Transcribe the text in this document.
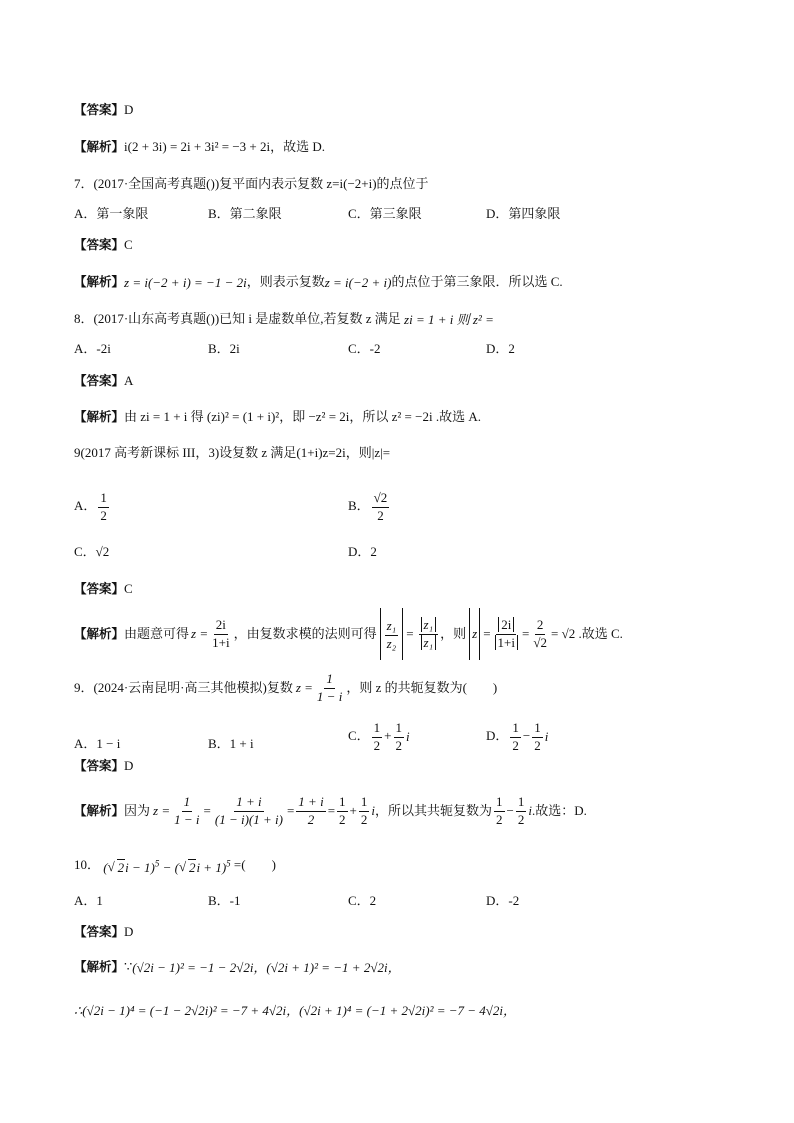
【答案】D
【解析】i(2 + 3i) = 2i + 3i² = −3 + 2i，故选 D.
7．(2017·全国高考真题())复平面内表示复数 z=i(−2+i)的点位于
A．第一象限	B．第二象限	C．第三象限	D．第四象限
【答案】C
【解析】z = i(−2 + i) = −1 − 2i，则表示复数z = i(−2 + i)的点位于第三象限．所以选 C.
8．(2017·山东高考真题())已知 i 是虚数单位,若复数 z 满足 zi = 1 + i 则 z² =
A．-2i	B．2i	C．-2	D．2
【答案】A
【解析】由 zi = 1 + i 得 (zi)² = (1 + i)²，即 −z² = 2i，所以 z² = −2i .故选 A.
9(2017 高考新课标 III，3)设复数 z 满足(1+i)z=2i，则|z|=
A． $\frac{1}{2}$	B． $\frac{√2}{2}$
C．√2	D．2
【答案】C
【解析】 由题意可得 $z = \frac{2i}{1+i}$ ，由复数求模的法则可得 $\frac{\text{z₁}}{\text{z₂}} = \frac{\text{z₁}}{\text{z₁}}$ ，则 $z = \frac{2i}{1+i} = \frac{2}{√2} = √2$ .故选 C.
9．(2024·云南昆明·高三其他模拟)复数 $z = \frac{1}{1 - i}$ ，则 z 的共轭复数为(　　)
A．1 − i	B．1 + i
C． $\frac{1}{2} + \frac{1}{2}$ i	D． $\frac{1}{2} - \frac{1}{2}$ i
【答案】D
【解析】 因为 $z = \frac{1}{1 - i}$ =
1 + i
(1 − i)(1 + i)
=
1 + i
2
=
1
2
+
1
2
i ，所以其共轭复数为
1
2
−
1
2
i .故选：D.
10． ( √ 2i − 1)$^5$ − ( √ 2i + 1)$^5$ =(　　)
A．1	B．-1	C．2	D．-2
【答案】D
【解析】∵(√2i − 1)² = −1 − 2√2i，(√2i + 1)² = −1 + 2√2i，
∴(√2i − 1)⁴ = (−1 − 2√2i)² = −7 + 4√2i，(√2i + 1)⁴ = (−1 + 2√2i)² = −7 − 4√2i，
